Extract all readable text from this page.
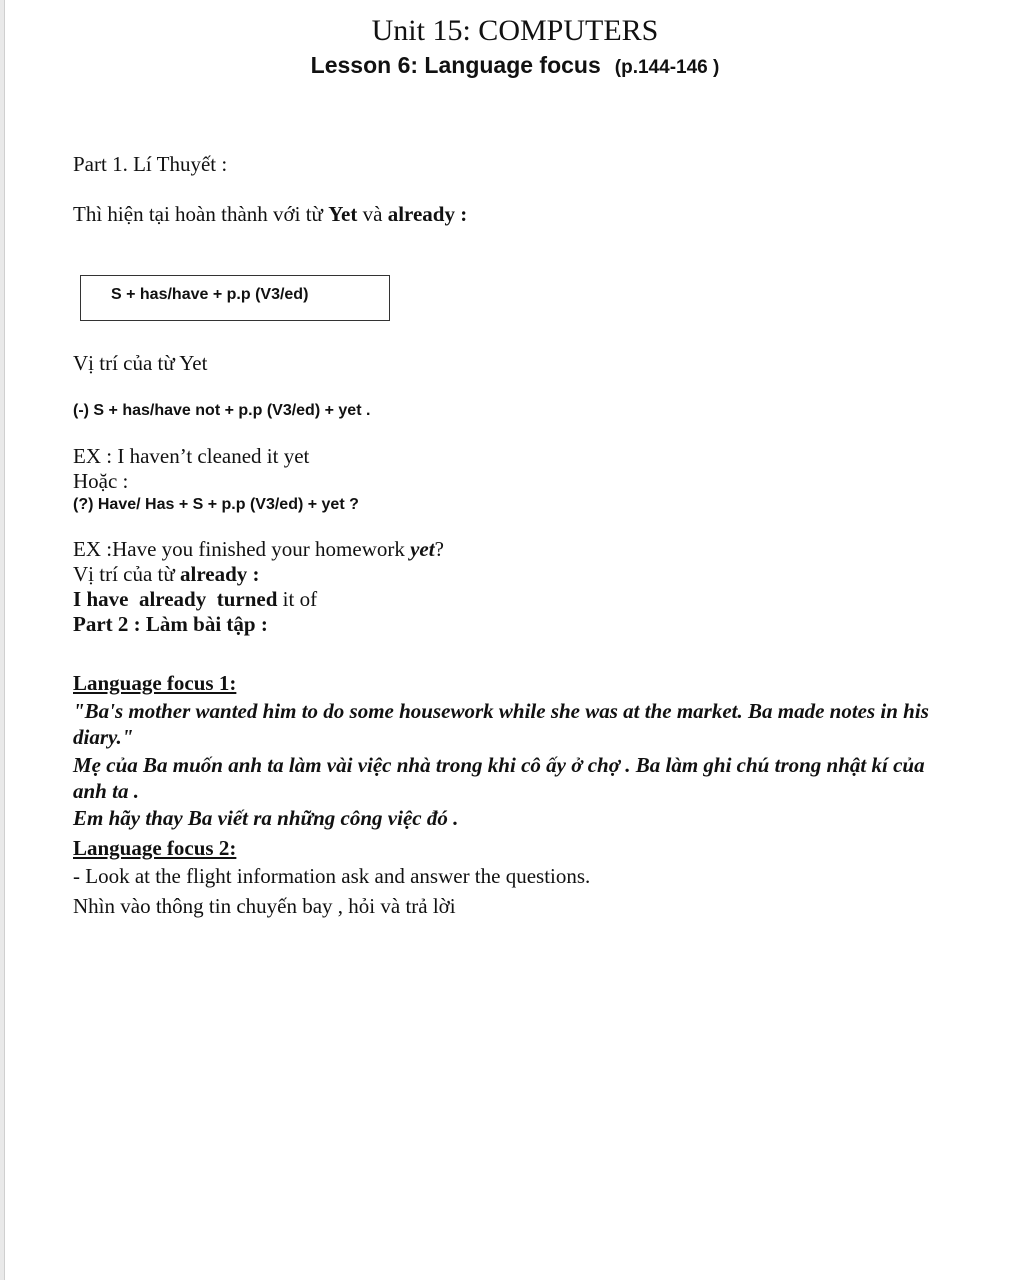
Unit 15: COMPUTERS
Lesson 6: Language focus (p.144-146 )
Part 1. Lí Thuyết :
Thì hiện tại hoàn thành với từ Yet và already :
S + has/have + p.p (V3/ed)
Vị trí của từ Yet
(-) S + has/have not + p.p (V3/ed) + yet .
EX : I haven’t cleaned it yet
Hoặc :
(?) Have/ Has + S + p.p (V3/ed) + yet ?
EX :Have you finished your homework yet?
Vị trí của từ already :
I have already turned it of
Part 2 : Làm bài tập :
Language focus 1:
"Ba's mother wanted him to do some housework while she was at the market. Ba made notes in his diary."
Mẹ của Ba muốn anh ta làm vài việc nhà trong khi cô ấy ở chợ . Ba làm ghi chú trong nhật kí của anh ta .
Em hãy thay Ba viết ra những công việc đó .
Language focus 2:
- Look at the flight information ask and answer the questions.
Nhìn vào thông tin chuyến bay , hỏi và trả lời
